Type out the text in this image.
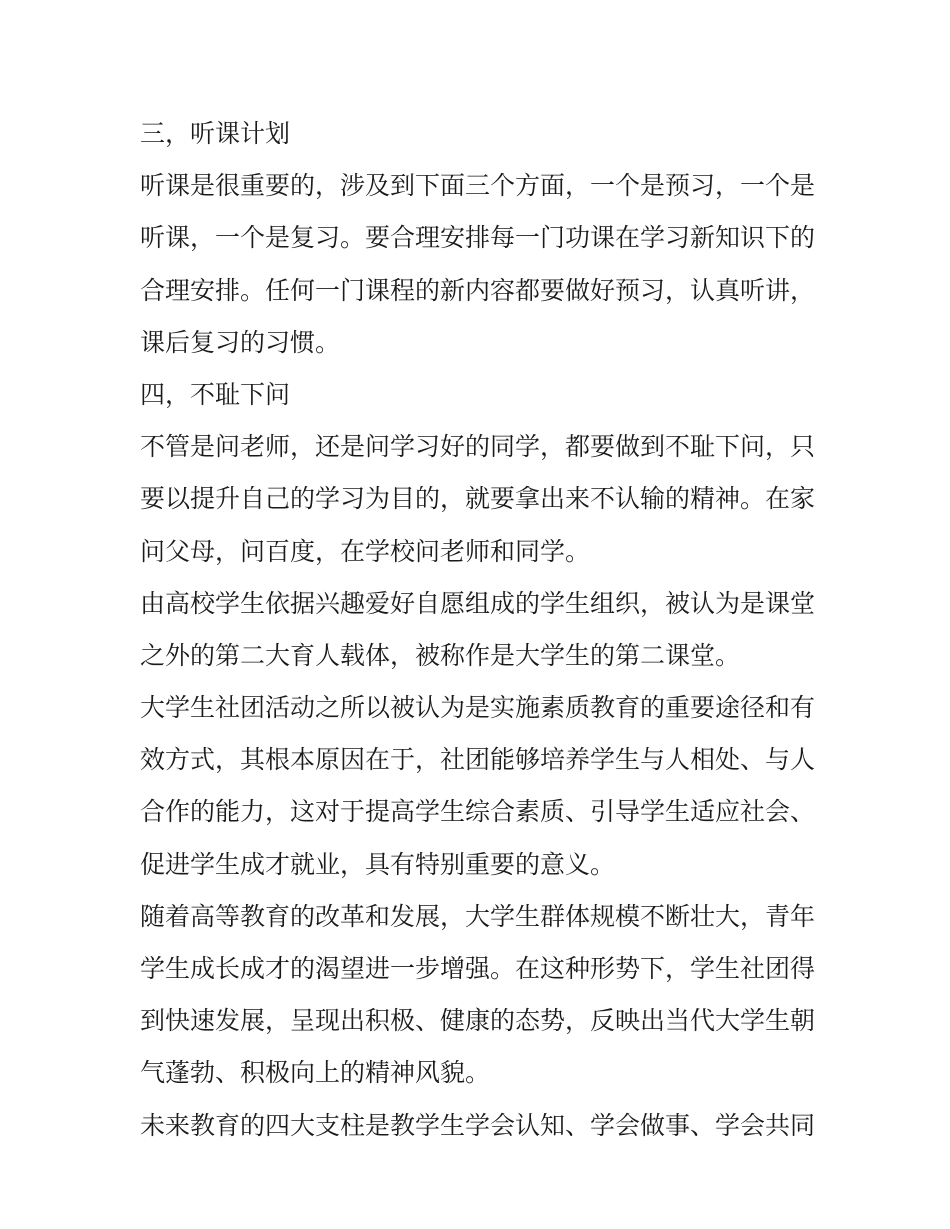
三，听课计划
听课是很重要的，涉及到下面三个方面，一个是预习，一个是
听课，一个是复习。要合理安排每一门功课在学习新知识下的
合理安排。任何一门课程的新内容都要做好预习，认真听讲，
课后复习的习惯。
四，不耻下问
不管是问老师，还是问学习好的同学，都要做到不耻下问，只
要以提升自己的学习为目的，就要拿出来不认输的精神。在家
问父母，问百度，在学校问老师和同学。
由高校学生依据兴趣爱好自愿组成的学生组织，被认为是课堂
之外的第二大育人载体，被称作是大学生的第二课堂。
大学生社团活动之所以被认为是实施素质教育的重要途径和有
效方式，其根本原因在于，社团能够培养学生与人相处、与人
合作的能力，这对于提高学生综合素质、引导学生适应社会、
促进学生成才就业，具有特别重要的意义。
随着高等教育的改革和发展，大学生群体规模不断壮大，青年
学生成长成才的渴望进一步增强。在这种形势下，学生社团得
到快速发展，呈现出积极、健康的态势，反映出当代大学生朝
气蓬勃、积极向上的精神风貌。
未来教育的四大支柱是教学生学会认知、学会做事、学会共同
